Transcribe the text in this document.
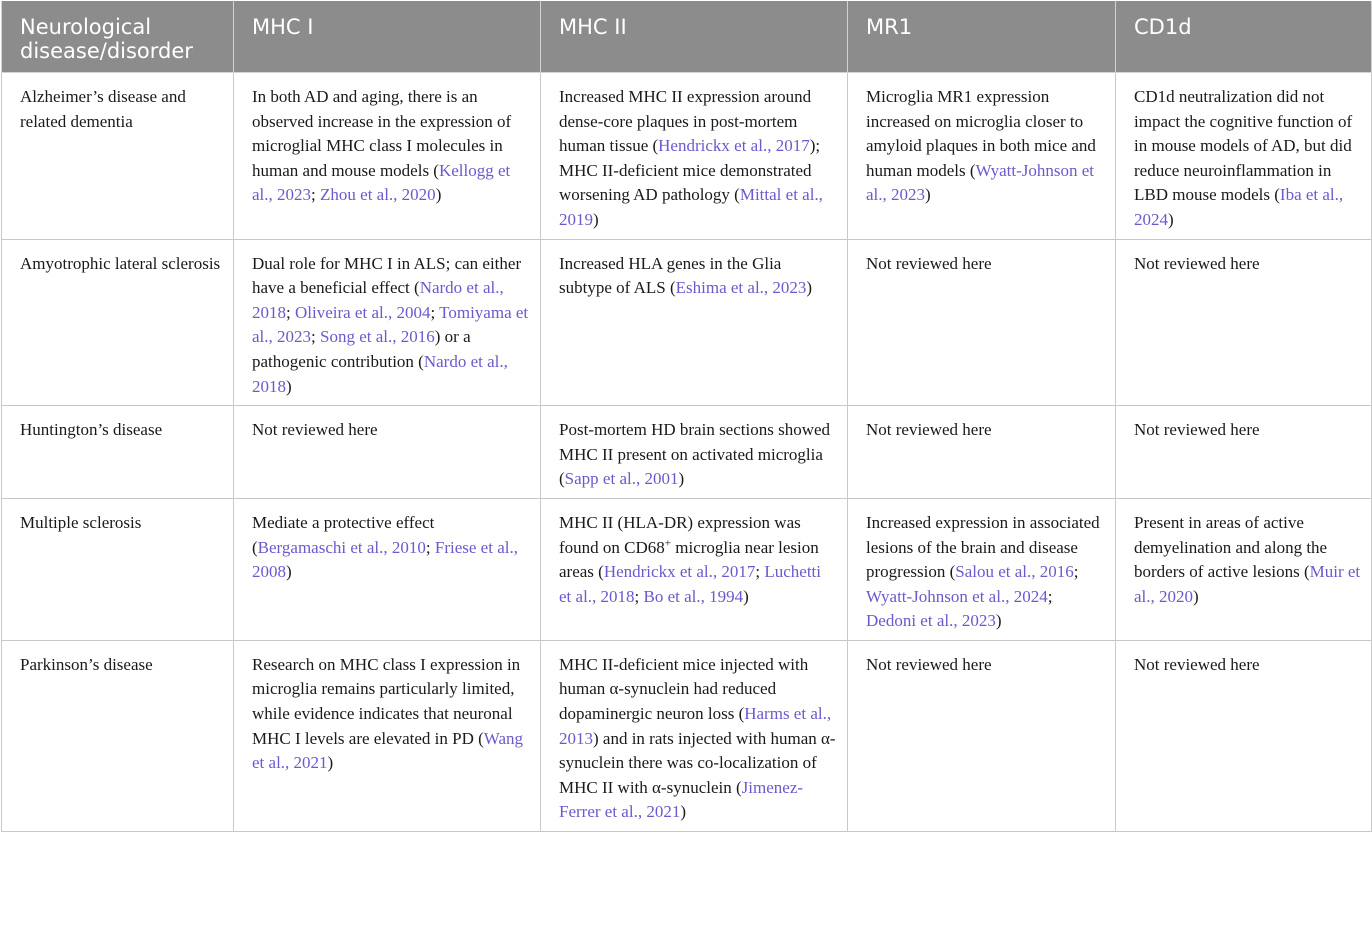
Neurological disease/disorder	MHC I	MHC II	MR1	CD1d
Alzheimer’s disease and related dementia	In both AD and aging, there is an observed increase in the expression of microglial MHC class I molecules in human and mouse models (Kellogg et al., 2023; Zhou et al., 2020)	Increased MHC II expression around dense-core plaques in post-mortem human tissue (Hendrickx et al., 2017); MHC II-deficient mice demonstrated worsening AD pathology (Mittal et al., 2019)	Microglia MR1 expression increased on microglia closer to amyloid plaques in both mice and human models (Wyatt-Johnson et al., 2023)	CD1d neutralization did not impact the cognitive function of in mouse models of AD, but did reduce neuroinflammation in LBD mouse models (Iba et al., 2024)
Amyotrophic lateral sclerosis	Dual role for MHC I in ALS; can either have a beneficial effect (Nardo et al., 2018; Oliveira et al., 2004; Tomiyama et al., 2023; Song et al., 2016) or a pathogenic contribution (Nardo et al., 2018)	Increased HLA genes in the Glia subtype of ALS (Eshima et al., 2023)	Not reviewed here	Not reviewed here
Huntington’s disease	Not reviewed here	Post-mortem HD brain sections showed MHC II present on activated microglia (Sapp et al., 2001)	Not reviewed here	Not reviewed here
Multiple sclerosis	Mediate a protective effect (Bergamaschi et al., 2010; Friese et al., 2008)	MHC II (HLA-DR) expression was found on CD68+ microglia near lesion areas (Hendrickx et al., 2017; Luchetti et al., 2018; Bo et al., 1994)	Increased expression in associated lesions of the brain and disease progression (Salou et al., 2016; Wyatt-Johnson et al., 2024; Dedoni et al., 2023)	Present in areas of active demyelination and along the borders of active lesions (Muir et al., 2020)
Parkinson’s disease	Research on MHC class I expression in microglia remains particularly limited, while evidence indicates that neuronal MHC I levels are elevated in PD (Wang et al., 2021)	MHC II-deficient mice injected with human α-synuclein had reduced dopaminergic neuron loss (Harms et al., 2013) and in rats injected with human α-synuclein there was co-localization of MHC II with α-synuclein (Jimenez-Ferrer et al., 2021)	Not reviewed here	Not reviewed here
